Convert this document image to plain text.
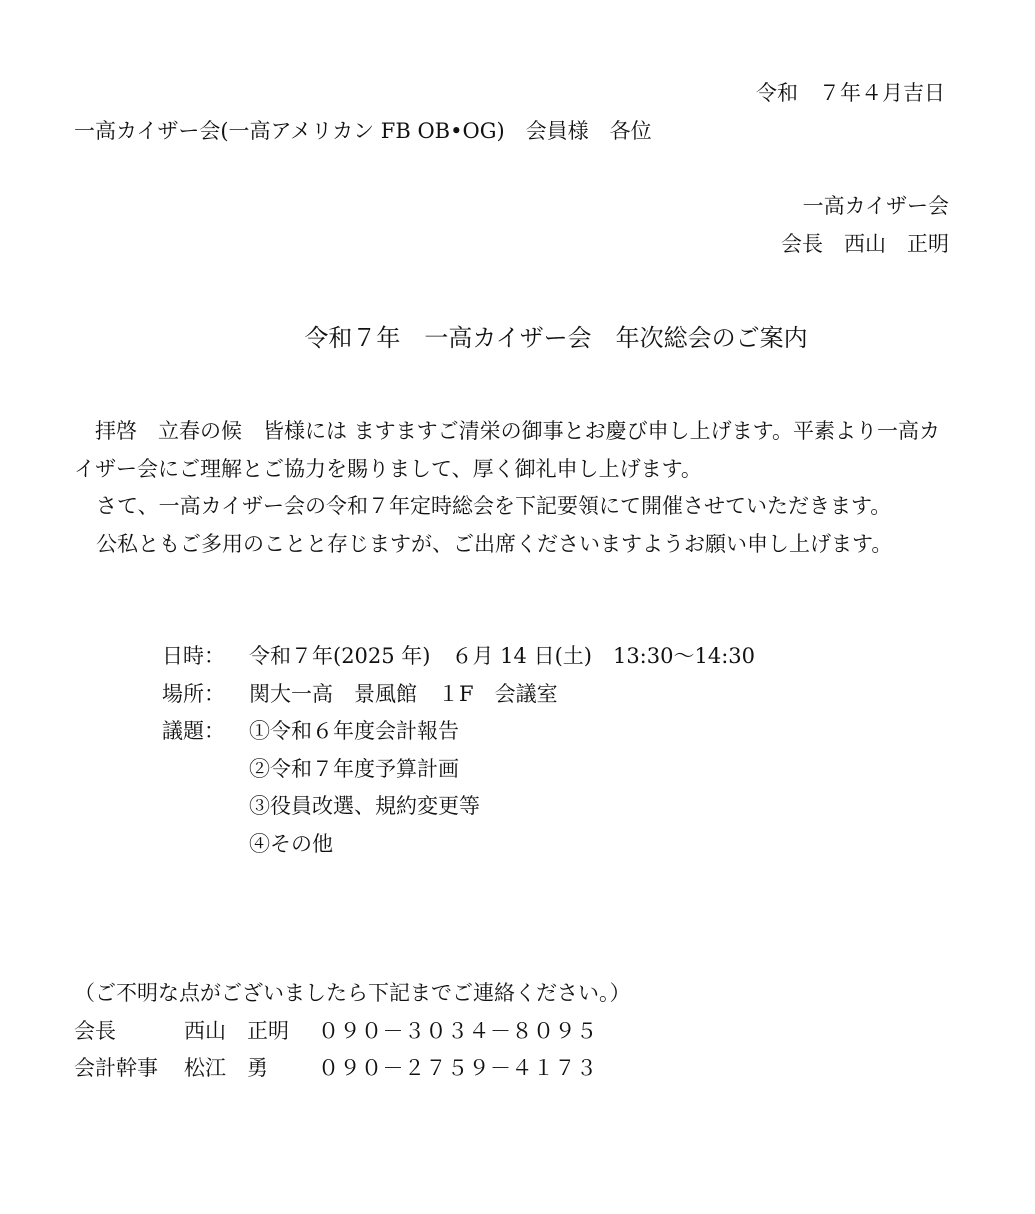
令和　７年４月吉日
一高カイザー会(一高アメリカン FB OB•OG)　会員様　各位
一高カイザー会
会長　西山　正明
令和７年　一高カイザー会　年次総会のご案内
　拝啓　立春の候　皆様には ますますご清栄の御事とお慶び申し上げます。平素より一高カイザー会にご理解とご協力を賜りまして、厚く御礼申し上げます。
さて、一高カイザー会の令和７年定時総会を下記要領にて開催させていただきます。
公私ともご多用のことと存じますが、ご出席くださいますようお願い申し上げます。
日時： 令和７年(2025 年)　６月 14 日(土)　13:30～14:30
場所： 関大一高　景風館　１F　会議室
議題： ①令和６年度会計報告
②令和７年度予算計画
③役員改選、規約変更等
④その他
（ご不明な点がございましたら下記までご連絡ください。）
会長	西山　正明 ０９０－３０３４－８０９５
会計幹事 松江　勇 ０９０－２７５９－４１７３
